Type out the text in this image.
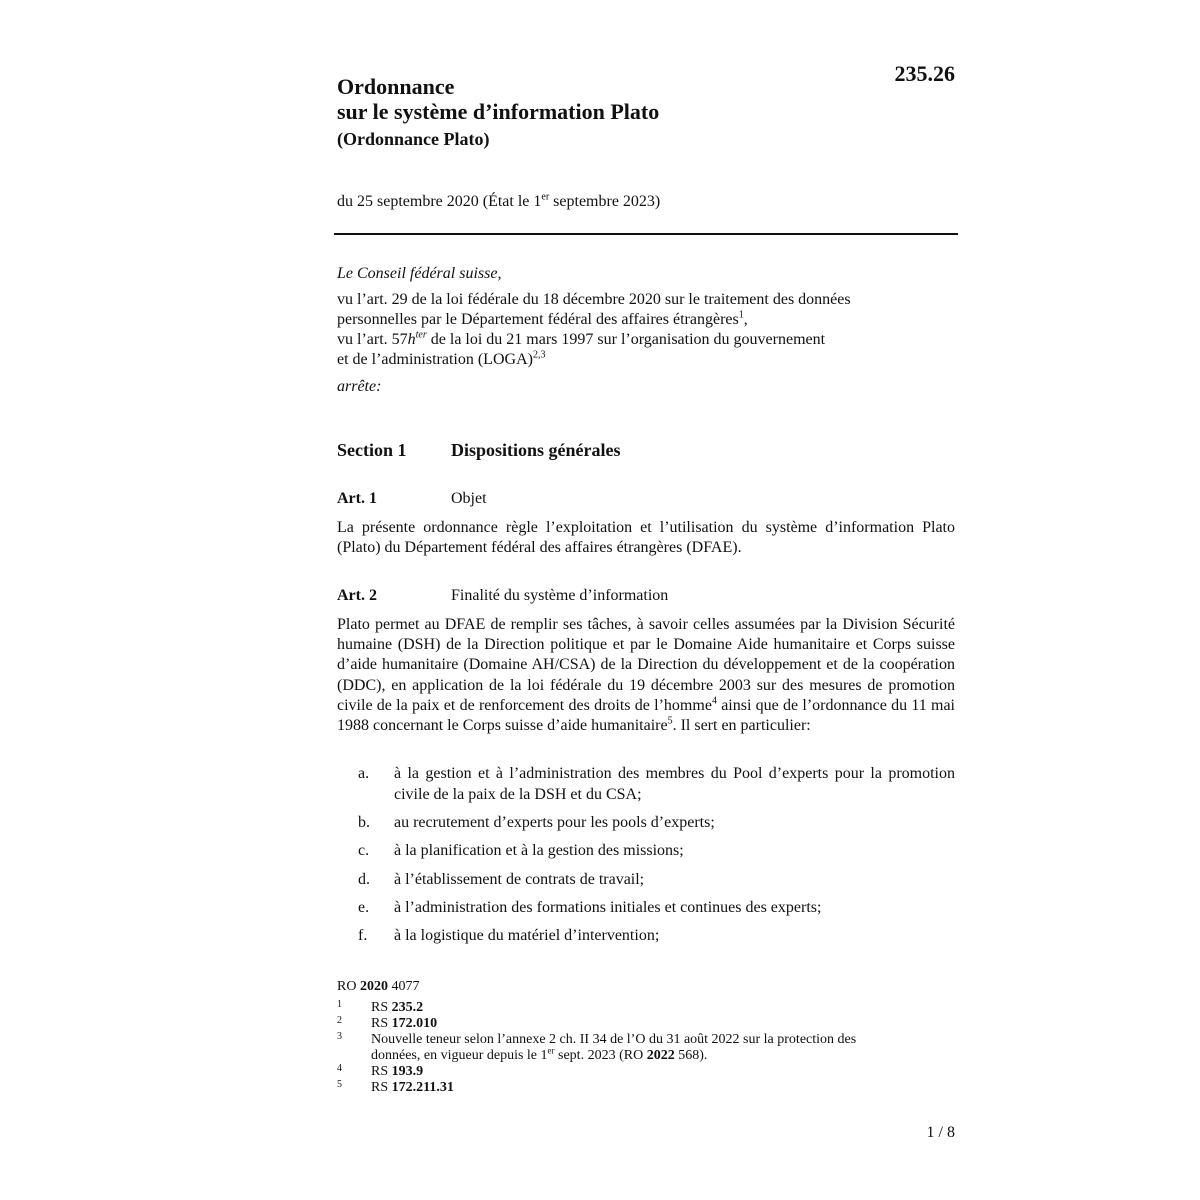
Ordonnance
sur le système d’information Plato
(Ordonnance Plato)
235.26
du 25 septembre 2020 (État le 1er septembre 2023)
Le Conseil fédéral suisse,
vu l’art. 29 de la loi fédérale du 18 décembre 2020 sur le traitement des données
personnelles par le Département fédéral des affaires étrangères$^1$,
vu l’art. $57h^{ter}$ de la loi du 21 mars 1997 sur l’organisation du gouvernement
et de l’administration (LOGA)$^{2,3}$
arrête:
Section 1 Dispositions générales
Art. 1	Objet
La présente ordonnance règle l’exploitation et l’utilisation du système d’information Plato (Plato) du Département fédéral des affaires étrangères (DFAE).
Art. 2	Finalité du système d’information
Plato permet au DFAE de remplir ses tâches, à savoir celles assumées par la Division Sécurité humaine (DSH) de la Direction politique et par le Domaine Aide humanitaire et Corps suisse d’aide humanitaire (Domaine AH/CSA) de la Direction du développement et de la coopération (DDC), en application de la loi fédérale du 19 décembre 2003 sur des mesures de promotion civile de la paix et de renforcement des droits de l’homme$^4$ ainsi que de l’ordonnance du 11 mai 1988 concernant le Corps suisse d’aide humanitaire$^5$. Il sert en particulier:
a. à la gestion et à l’administration des membres du Pool d’experts pour la promotion civile de la paix de la DSH et du CSA;
b. au recrutement d’experts pour les pools d’experts;
c. à la planification et à la gestion des missions;
d. à l’établissement de contrats de travail;
e. à l’administration des formations initiales et continues des experts;
f. à la logistique du matériel d’intervention;
RO 2020 4077
1 RS 235.2
2 RS 172.010
3 Nouvelle teneur selon l’annexe 2 ch. II 34 de l’O du 31 août 2022 sur la protection des
données, en vigueur depuis le 1er sept. 2023 (RO 2022 568).
4 RS 193.9
5 RS 172.211.31
1 / 8
